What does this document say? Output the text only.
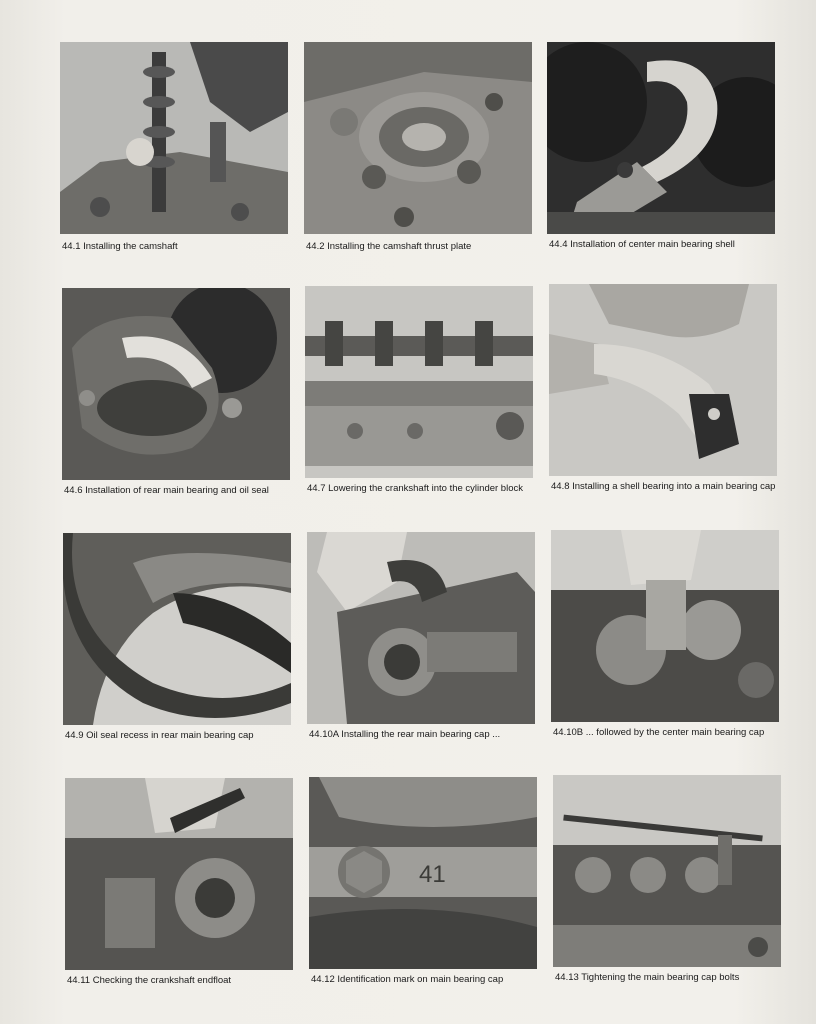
44.1 Installing the camshaft	44.2 Installing the camshaft thrust plate	44.4 Installation of center main bearing shell
44.6 Installation of rear main bearing and oil seal	44.7 Lowering the crankshaft into the cylinder block	44.8 Installing a shell bearing into a main bearing cap
44.9 Oil seal recess in rear main bearing cap	44.10A Installing the rear main bearing cap ...	44.10B ... followed by the center main bearing cap
44.11 Checking the crankshaft endfloat
41
44.12 Identification mark on main bearing cap	44.13 Tightening the main bearing cap bolts
